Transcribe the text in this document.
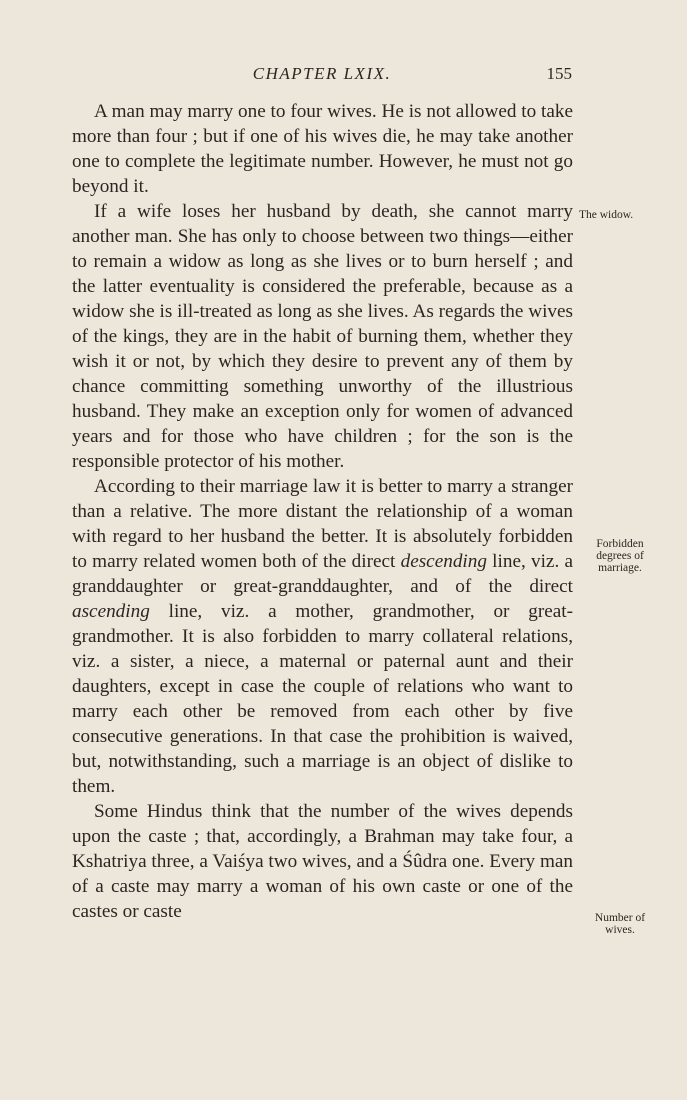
CHAPTER LXIX.	155

A man may marry one to four wives. He is not allowed to take more than four ; but if one of his wives die, he may take another one to complete the legitimate number. However, he must not go beyond it.

If a wife loses her husband by death, she cannot marry another man. She has only to choose between two things—either to remain a widow as long as she lives or to burn herself ; and the latter eventuality is considered the preferable, because as a widow she is ill-treated as long as she lives. As regards the wives of the kings, they are in the habit of burning them, whether they wish it or not, by which they desire to prevent any of them by chance committing something unworthy of the illustrious husband. They make an exception only for women of advanced years and for those who have children ; for the son is the responsible protector of his mother.

According to their marriage law it is better to marry a stranger than a relative. The more distant the relationship of a woman with regard to her husband the better. It is absolutely forbidden to marry related women both of the direct descending line, viz. a granddaughter or great-granddaughter, and of the direct ascending line, viz. a mother, grandmother, or great-grandmother. It is also forbidden to marry collateral relations, viz. a sister, a niece, a maternal or paternal aunt and their daughters, except in case the couple of relations who want to marry each other be removed from each other by five consecutive generations. In that case the prohibition is waived, but, notwithstanding, such a marriage is an object of dislike to them.

Some Hindus think that the number of the wives depends upon the caste ; that, accordingly, a Brahman may take four, a Kshatriya three, a Vaiśya two wives, and a Śûdra one. Every man of a caste may marry a woman of his own caste or one of the castes or caste

The widow.
Forbidden degrees of marriage.
Number of wives.
